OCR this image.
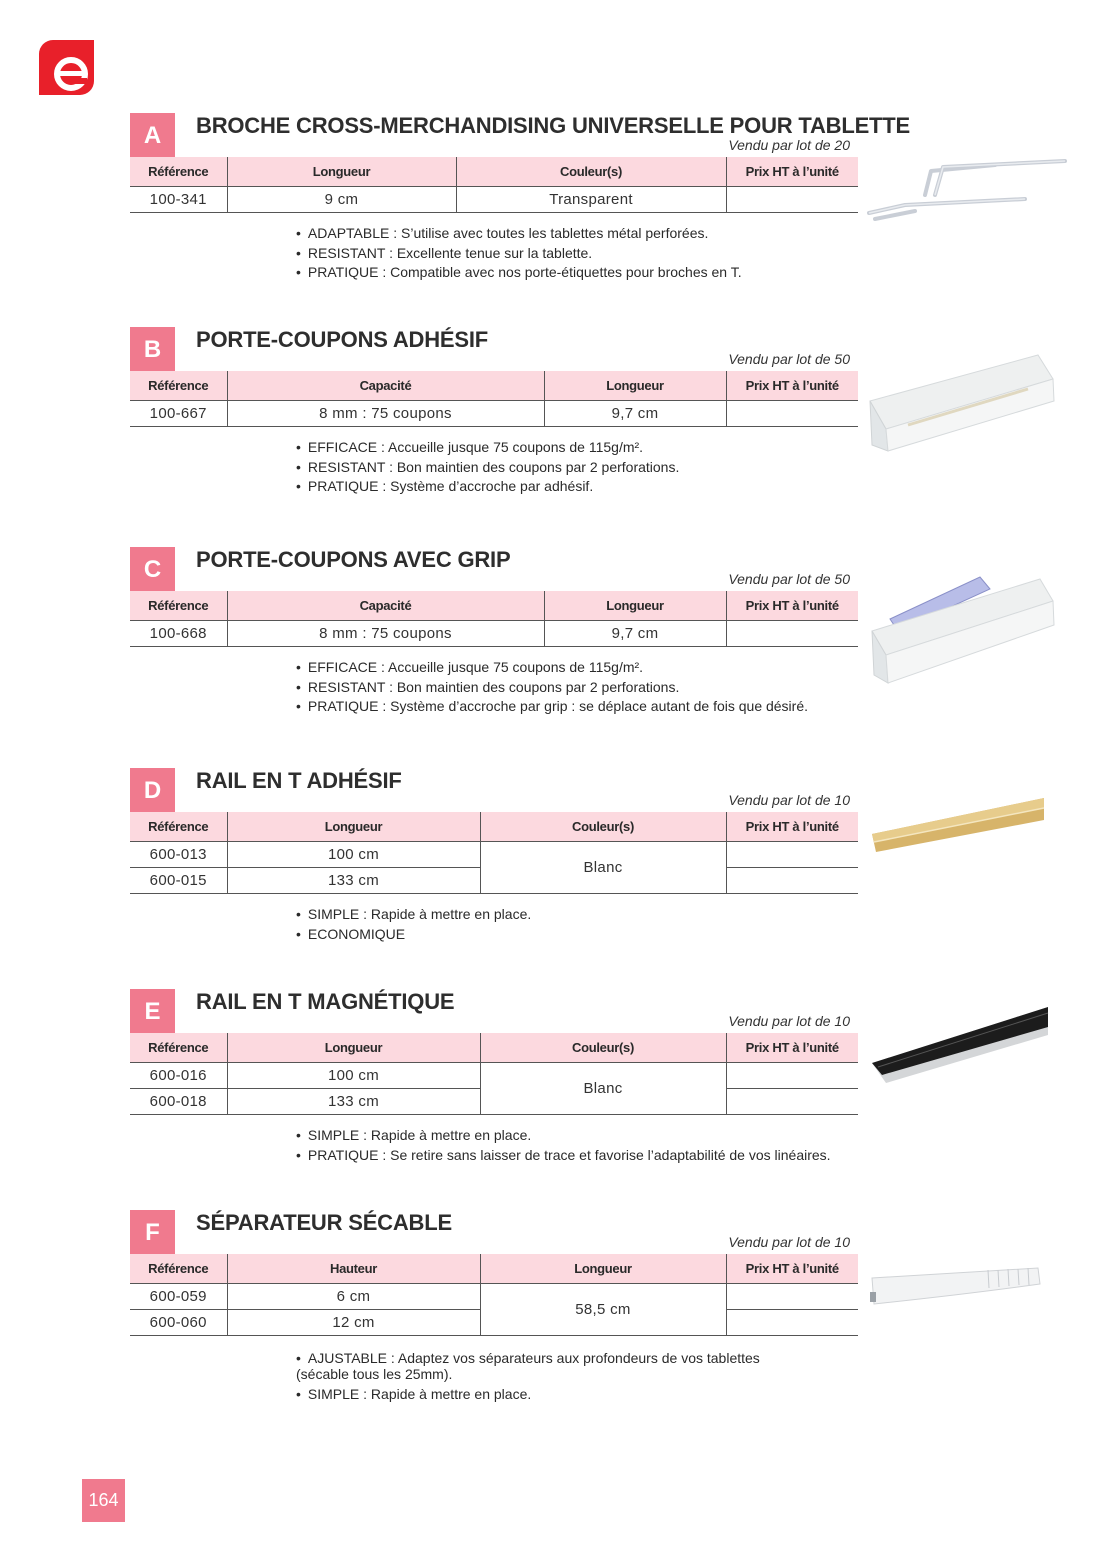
A	BROCHE CROSS-MERCHANDISING UNIVERSELLE POUR TABLETTE
Vendu par lot de 20
Référence	Longueur	Couleur(s)	Prix HT à l’unité
100-341	9 cm	Transparent	
• ADAPTABLE : S’utilise avec toutes les tablettes métal perforées.
• RESISTANT : Excellente tenue sur la tablette.
• PRATIQUE : Compatible avec nos porte-étiquettes pour broches en T.
B	PORTE-COUPONS ADHÉSIF
Vendu par lot de 50
Référence	Capacité	Longueur	Prix HT à l’unité
100-667	8 mm : 75 coupons	9,7 cm	
• EFFICACE : Accueille jusque 75 coupons de 115g/m².
• RESISTANT : Bon maintien des coupons par 2 perforations.
• PRATIQUE : Système d’accroche par adhésif.
C	PORTE-COUPONS AVEC GRIP
Vendu par lot de 50
Référence	Capacité	Longueur	Prix HT à l’unité
100-668	8 mm : 75 coupons	9,7 cm	
• EFFICACE : Accueille jusque 75 coupons de 115g/m².
• RESISTANT : Bon maintien des coupons par 2 perforations.
• PRATIQUE : Système d’accroche par grip : se déplace autant de fois que désiré.
D	RAIL EN T ADHÉSIF
Vendu par lot de 10
Référence	Longueur	Couleur(s)	Prix HT à l’unité
600-013	100 cm	Blanc	
600-015	133 cm		
• SIMPLE : Rapide à mettre en place.
• ECONOMIQUE
E	RAIL EN T MAGNÉTIQUE
Vendu par lot de 10
Référence	Longueur	Couleur(s)	Prix HT à l’unité
600-016	100 cm	Blanc	
600-018	133 cm		
• SIMPLE : Rapide à mettre en place.
• PRATIQUE : Se retire sans laisser de trace et favorise l’adaptabilité de vos linéaires.
F	SÉPARATEUR SÉCABLE
Vendu par lot de 10
Référence	Hauteur	Longueur	Prix HT à l’unité
600-059	6 cm	58,5 cm	
600-060	12 cm		
• AJUSTABLE : Adaptez vos séparateurs aux profondeurs de vos tablettes (sécable tous les 25mm).
• SIMPLE : Rapide à mettre en place.
164
